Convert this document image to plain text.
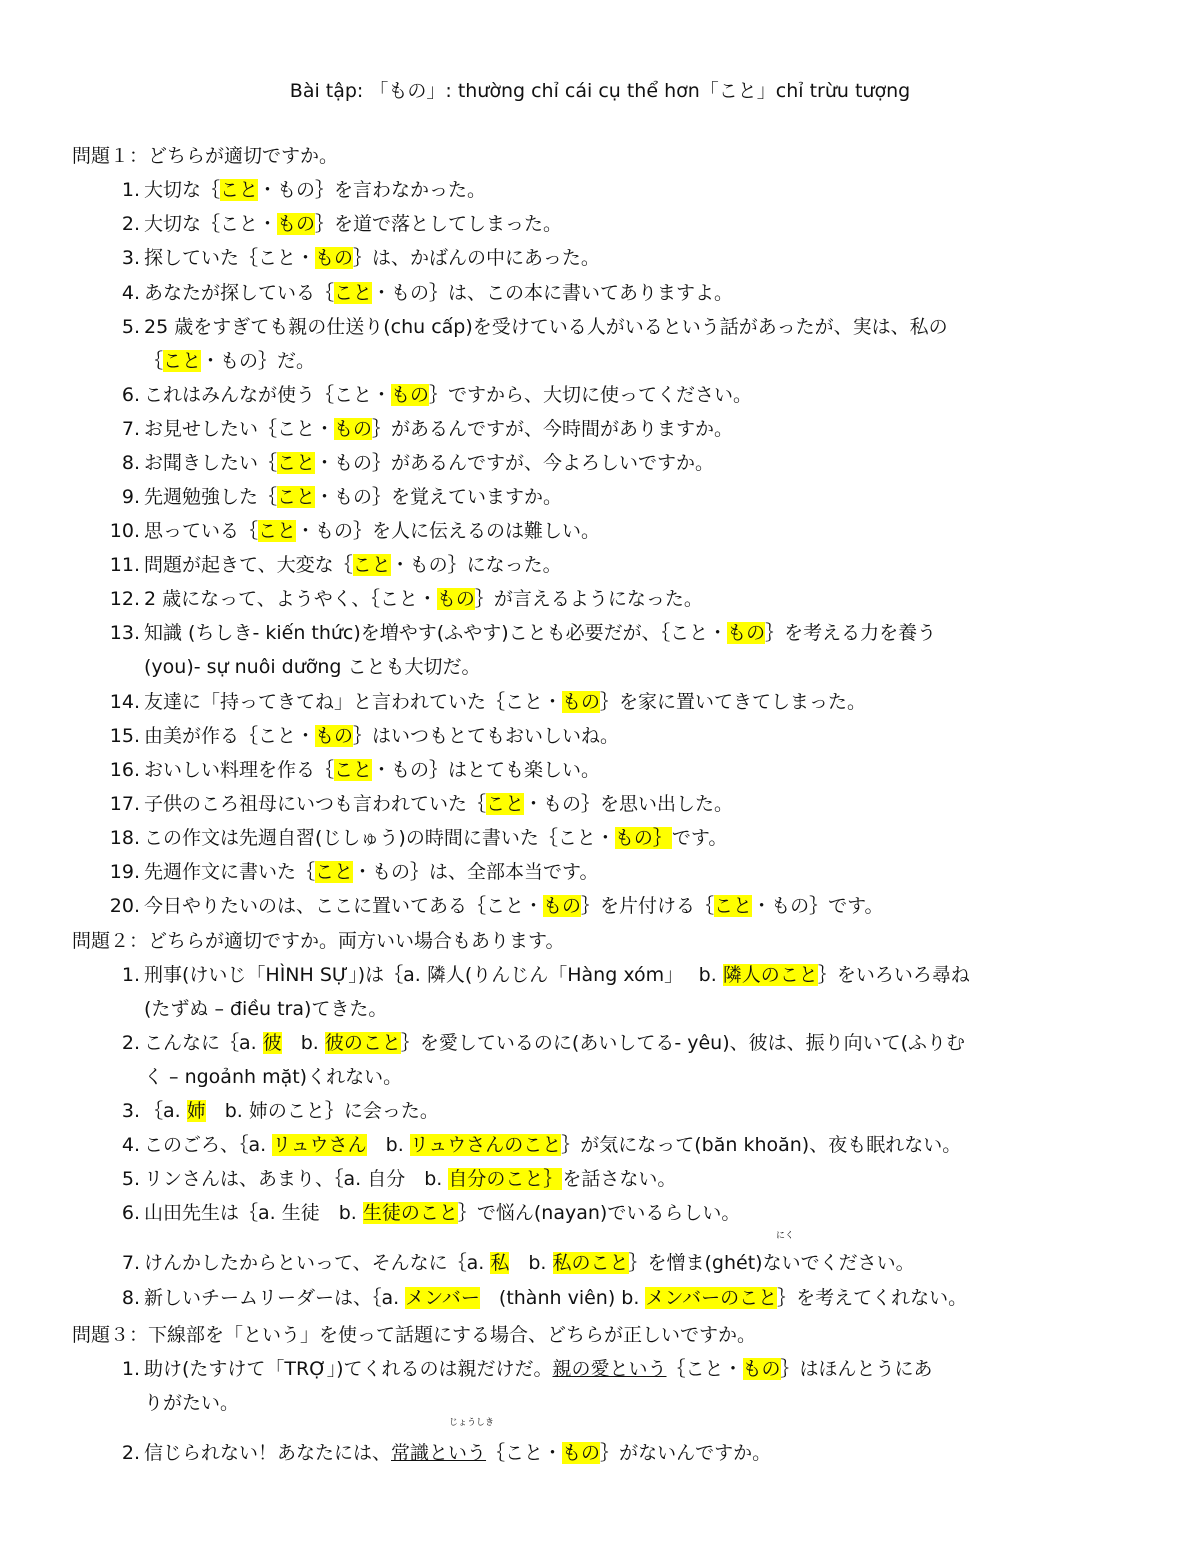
Bài tập: 「もの」: thường chỉ cái cụ thể hơn「こと」chỉ trừu tượng
問題１：どちらが適切ですか。
1. 大切な｛こと・もの｝を言わなかった。
2. 大切な｛こと・もの｝を道で落としてしまった。
3. 探していた｛こと・もの｝は、かばんの中にあった。
4. あなたが探している｛こと・もの｝は、この本に書いてありますよ。
5. 25 歳をすぎても親の仕送り(chu cấp)を受けている人がいるという話があったが、実は、私の
6. これはみんなが使う｛こと・もの｝ですから、大切に使ってください。
7. お見せしたい｛こと・もの｝があるんですが、今時間がありますか。
8. お聞きしたい｛こと・もの｝があるんですが、今よろしいですか。
9. 先週勉強した｛こと・もの｝を覚えていますか。
10. 思っている｛こと・もの｝を人に伝えるのは難しい。
11. 問題が起きて、大変な｛こと・もの｝になった。
12. 2 歳になって、ようやく、｛こと・もの｝が言えるようになった。
13. 知識 (ちしき- kiến thức)を増やす(ふやす)ことも必要だが、｛こと・もの｝を考える力を養う
14. 友達に「持ってきてね」と言われていた｛こと・もの｝を家に置いてきてしまった。
15. 由美が作る｛こと・もの｝はいつもとてもおいしいね。
16. おいしい料理を作る｛こと・もの｝はとても楽しい。
17. 子供のころ祖母にいつも言われていた｛こと・もの｝を思い出した。
18. この作文は先週自習(じしゅう)の時間に書いた｛こと・もの｝です。
19. 先週作文に書いた｛こと・もの｝は、全部本当です。
20. 今日やりたいのは、ここに置いてある｛こと・もの｝を片付ける｛こと・もの｝です。
問題２：どちらが適切ですか。両方いい場合もあります。
1. 刑事(けいじ「HÌNH SỰ」)は｛a. 隣人(りんじん「Hàng xóm」　 b. 隣人のこと｝をいろいろ尋ね
2. こんなに｛a. 彼　b. 彼のこと｝を愛しているのに(あいしてる- yêu)、彼は、振り向いて(ふりむ
3. ｛a. 姉　b. 姉のこと｝に会った。
4. このごろ、｛a. リュウさん　b. リュウさんのこと｝が気になって(băn khoăn)、夜も眠れない。
5. リンさんは、あまり、｛a. 自分　b. 自分のこと｝を話さない。
6. 山田先生は｛a. 生徒　b. 生徒のこと｝で悩ん(nayan)でいるらしい。
7. けんかしたからといって、そんなに｛a. 私　b. 私のこと｝を憎ま(ghét)ないでください。
8. 新しいチームリーダーは、｛a. メンバー　(thành viên) b. メンバーのこと｝を考えてくれない。
にく
問題３：下線部を「という」を使って話題にする場合、どちらが正しいですか。
1. 助け(たすけて「TRỢ」)てくれるのは親だけだ。親の愛という｛こと・もの｝はほんとうにあ
2. 信じられない！あなたには、常識という｛こと・もの｝がないんですか。
じょうしき
｛こと・もの｝だ。
(you)- sự nuôi dưỡng ことも大切だ。
(たずぬ – điều tra)てきた。
く – ngoảnh mặt)くれない。
りがたい。
